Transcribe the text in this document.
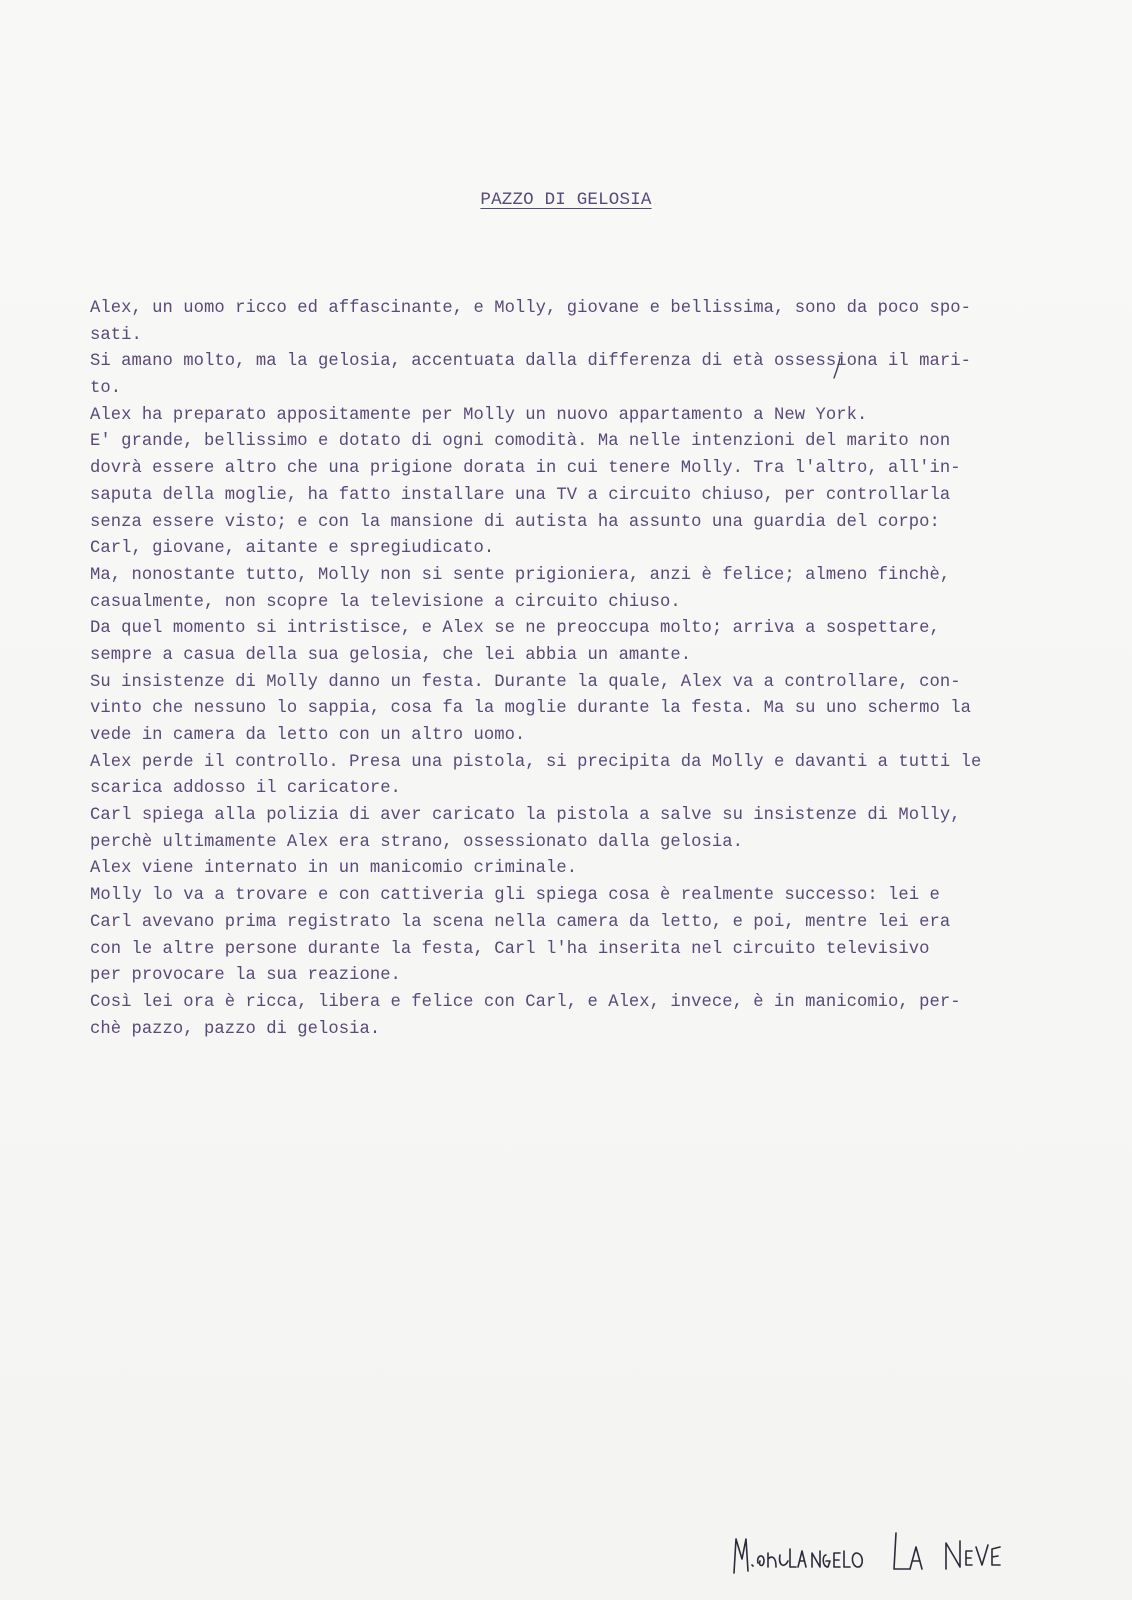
PAZZO DI GELOSIA
Alex, un uomo ricco ed affascinante, e Molly, giovane e bellissima, sono da poco spo-
sati.
Si amano molto, ma la gelosia, accentuata dalla differenza di età ossessiona il mari-
to.
Alex ha preparato appositamente per Molly un nuovo appartamento a New York.
E' grande, bellissimo e dotato di ogni comodità. Ma nelle intenzioni del marito non
dovrà essere altro che una prigione dorata in cui tenere Molly. Tra l'altro, all'in-
saputa della moglie, ha fatto installare una TV a circuito chiuso, per controllarla
senza essere visto; e con la mansione di autista ha assunto una guardia del corpo:
Carl, giovane, aitante e spregiudicato.
Ma, nonostante tutto, Molly non si sente prigioniera, anzi è felice; almeno finchè,
casualmente, non scopre la televisione a circuito chiuso.
Da quel momento si intristisce, e Alex se ne preoccupa molto; arriva a sospettare,
sempre a casua della sua gelosia, che lei abbia un amante.
Su insistenze di Molly danno un festa. Durante la quale, Alex va a controllare, con-
vinto che nessuno lo sappia, cosa fa la moglie durante la festa. Ma su uno schermo la
vede in camera da letto con un altro uomo.
Alex perde il controllo. Presa una pistola, si precipita da Molly e davanti a tutti le
scarica addosso il caricatore.
Carl spiega alla polizia di aver caricato la pistola a salve su insistenze di Molly,
perchè ultimamente Alex era strano, ossessionato dalla gelosia.
Alex viene internato in un manicomio criminale.
Molly lo va a trovare e con cattiveria gli spiega cosa è realmente successo: lei e
Carl avevano prima registrato la scena nella camera da letto, e poi, mentre lei era
con le altre persone durante la festa, Carl l'ha inserita nel circuito televisivo
per provocare la sua reazione.
Così lei ora è ricca, libera e felice con Carl, e Alex, invece, è in manicomio, per-
chè pazzo, pazzo di gelosia.
